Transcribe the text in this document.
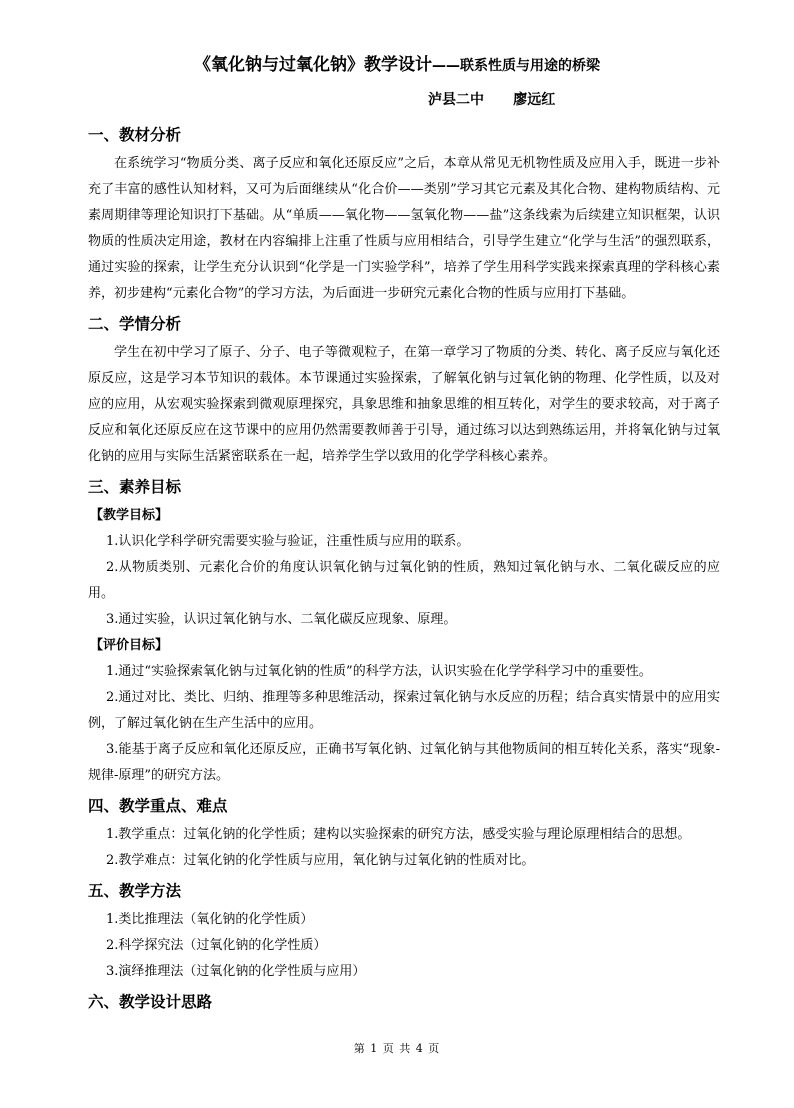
《氧化钠与过氧化钠》教学设计——联系性质与用途的桥梁
泸县二中      廖远红
一、教材分析

在系统学习“物质分类、离子反应和氧化还原反应”之后，本章从常见无机物性质及应用入手，既进一步补充了丰富的感性认知材料，又可为后面继续从“化合价——类别”学习其它元素及其化合物、建构物质结构、元素周期律等理论知识打下基础。从“单质——氧化物——氢氧化物——盐”这条线索为后续建立知识框架，认识物质的性质决定用途，教材在内容编排上注重了性质与应用相结合，引导学生建立“化学与生活”的强烈联系，通过实验的探索，让学生充分认识到“化学是一门实验学科”，培养了学生用科学实践来探索真理的学科核心素养，初步建构“元素化合物”的学习方法，为后面进一步研究元素化合物的性质与应用打下基础。

二、学情分析

学生在初中学习了原子、分子、电子等微观粒子，在第一章学习了物质的分类、转化、离子反应与氧化还原反应，这是学习本节知识的载体。本节课通过实验探索，了解氧化钠与过氧化钠的物理、化学性质，以及对应的应用，从宏观实验探索到微观原理探究，具象思维和抽象思维的相互转化，对学生的要求较高，对于离子反应和氧化还原反应在这节课中的应用仍然需要教师善于引导，通过练习以达到熟练运用，并将氧化钠与过氧化钠的应用与实际生活紧密联系在一起，培养学生学以致用的化学学科核心素养。

三、素养目标
【教学目标】

1.认识化学科学研究需要实验与验证，注重性质与应用的联系。

2.从物质类别、元素化合价的角度认识氧化钠与过氧化钠的性质，熟知过氧化钠与水、二氧化碳反应的应用。

3.通过实验，认识过氧化钠与水、二氧化碳反应现象、原理。

【评价目标】

1.通过“实验探索氧化钠与过氧化钠的性质”的科学方法，认识实验在化学学科学习中的重要性。

2.通过对比、类比、归纳、推理等多种思维活动，探索过氧化钠与水反应的历程；结合真实情景中的应用实例，了解过氧化钠在生产生活中的应用。

3.能基于离子反应和氧化还原反应，正确书写氧化钠、过氧化钠与其他物质间的相互转化关系，落实“现象-规律-原理”的研究方法。

四、教学重点、难点

1.教学重点：过氧化钠的化学性质；建构以实验探索的研究方法，感受实验与理论原理相结合的思想。

2.教学难点：过氧化钠的化学性质与应用，氧化钠与过氧化钠的性质对比。

五、教学方法

1.类比推理法（氧化钠的化学性质）

2.科学探究法（过氧化钠的化学性质）

3.演绎推理法（过氧化钠的化学性质与应用）

六、教学设计思路
第 1 页 共 4 页
